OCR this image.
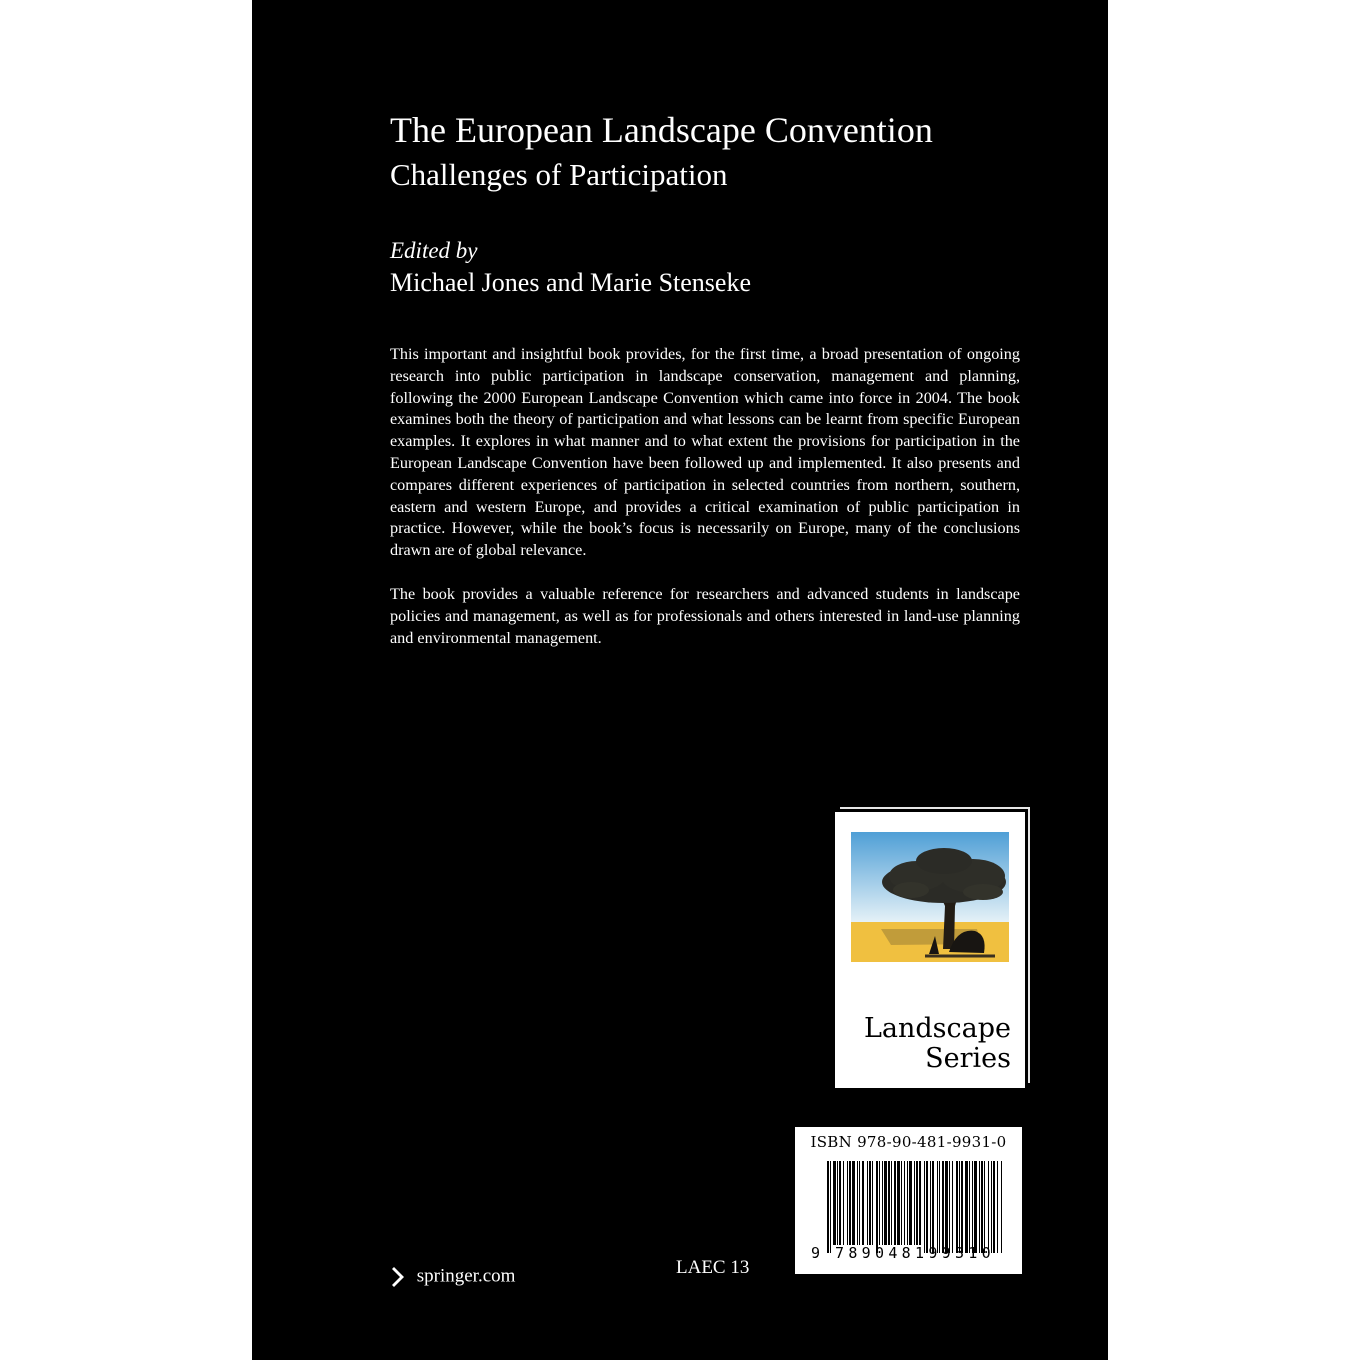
The European Landscape Convention
Challenges of Participation
Edited by
Michael Jones and Marie Stenseke

This important and insightful book provides, for the first time, a broad presentation of ongoing research into public participation in landscape conservation, management and planning, following the 2000 European Landscape Convention which came into force in 2004. The book examines both the theory of participation and what lessons can be learnt from specific European examples. It explores in what manner and to what extent the provisions for participation in the European Landscape Convention have been followed up and implemented. It also presents and compares different experiences of participation in selected countries from northern, southern, eastern and western Europe, and provides a critical examination of public participation in practice. However, while the book’s focus is necessarily on Europe, many of the conclusions drawn are of global relevance.

The book provides a valuable reference for researchers and advanced students in landscape policies and management, as well as for professionals and others interested in land-use planning and environmental management.

Landscape
Series
ISBN 978-90-481-9931-0
9 789048199310
springer.com	LAEC 13
